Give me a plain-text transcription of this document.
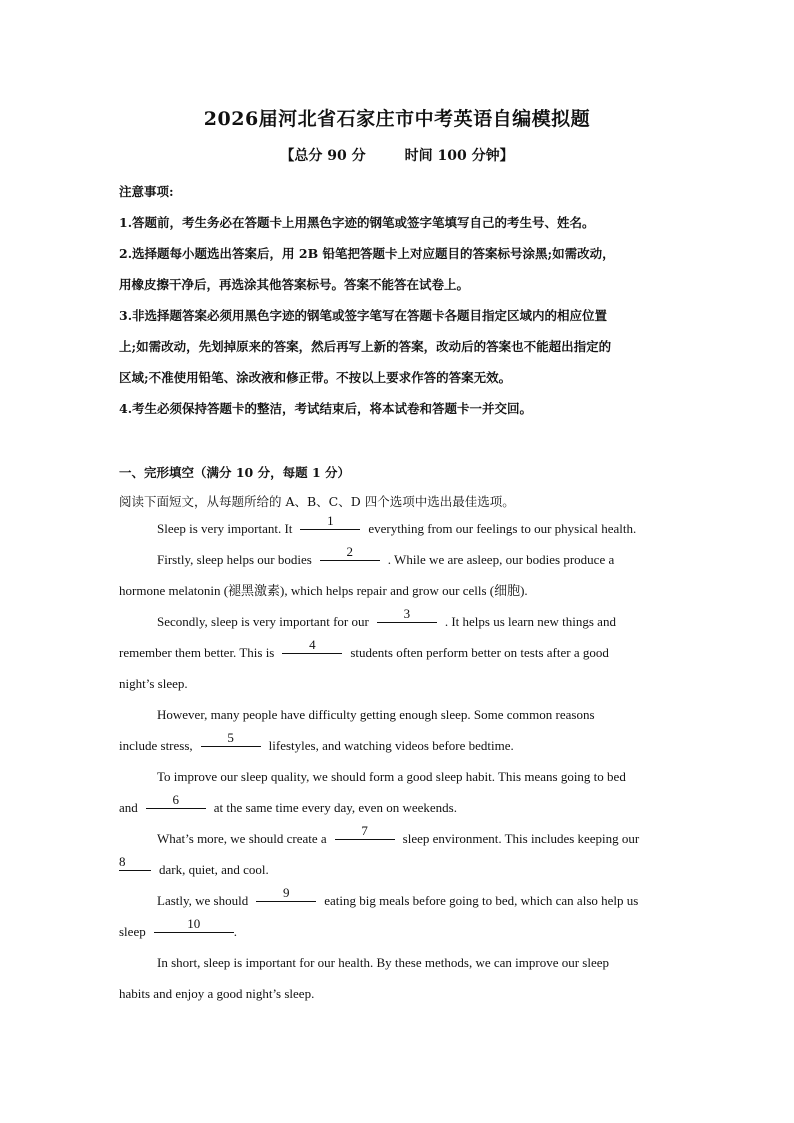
2026届河北省石家庄市中考英语自编模拟题
【总分 90 分        时间 100 分钟】
注意事项:
1.答题前，考生务必在答题卡上用黑色字迹的钢笔或签字笔填写自己的考生号、姓名。
2.选择题每小题选出答案后，用 2B 铅笔把答题卡上对应题目的答案标号涂黑;如需改动，
用橡皮擦干净后，再选涂其他答案标号。答案不能答在试卷上。
3.非选择题答案必须用黑色字迹的钢笔或签字笔写在答题卡各题目指定区域内的相应位置
上;如需改动，先划掉原来的答案，然后再写上新的答案，改动后的答案也不能超出指定的
区域;不准使用铅笔、涂改液和修正带。不按以上要求作答的答案无效。
4.考生必须保持答题卡的整洁，考试结束后，将本试卷和答题卡一并交回。
一、完形填空（满分 10 分，每题 1 分）
阅读下面短文，从每题所给的 A、B、C、D 四个选项中选出最佳选项。
Sleep is very important. It
1
everything from our feelings to our physical health.
Firstly, sleep helps our bodies
2
. While we are asleep, our bodies produce a
hormone melatonin (褪黑激素), which helps repair and grow our cells (细胞).
Secondly, sleep is very important for our
3
. It helps us learn new things and
remember them better. This is
4
students often perform better on tests after a good
night’s sleep.
However, many people have difficulty getting enough sleep. Some common reasons
include stress,
5
lifestyles, and watching videos before bedtime.
To improve our sleep quality, we should form a good sleep habit. This means going to bed
and
6
at the same time every day, even on weekends.
What’s more, we should create a
7
sleep environment. This includes keeping our
8
dark, quiet, and cool.
Lastly, we should
9
eating big meals before going to bed, which can also help us
sleep
10
.
In short, sleep is important for our health. By these methods, we can improve our sleep
habits and enjoy a good night’s sleep.
